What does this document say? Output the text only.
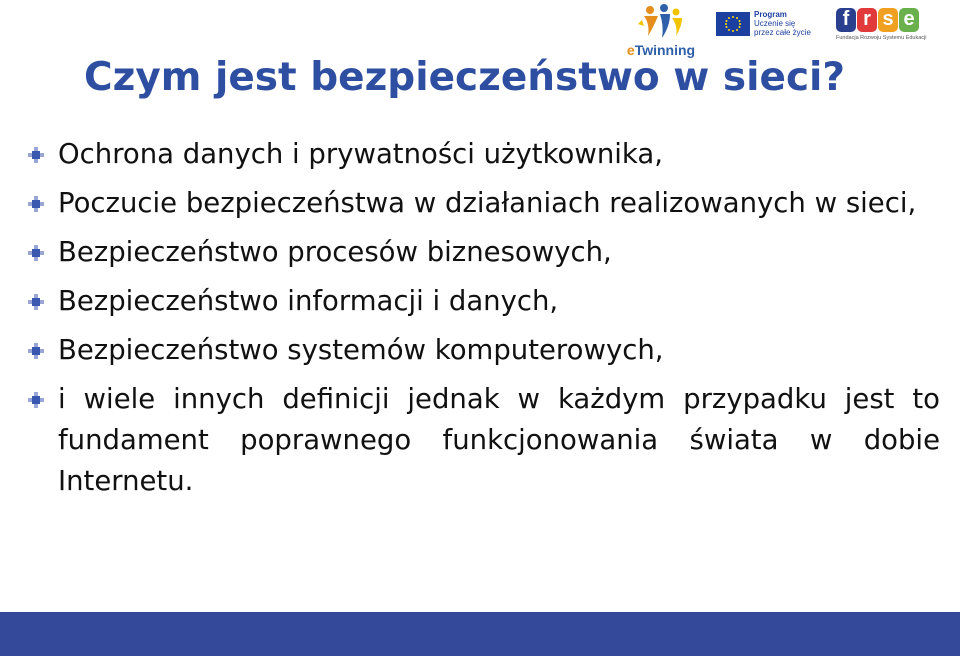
eTwinning
Program
Uczenie się
przez całe życie
f r s e
Fundacja Rozwoju Systemu Edukacji
Czym jest bezpieczeństwo w sieci?
Ochrona danych i prywatności użytkownika,
Poczucie bezpieczeństwa w działaniach realizowanych w sieci,
Bezpieczeństwo procesów biznesowych,
Bezpieczeństwo informacji i danych,
Bezpieczeństwo systemów komputerowych,
i wiele innych definicji jednak w każdym przypadku jest to fundament poprawnego funkcjonowania świata w dobie Internetu.
